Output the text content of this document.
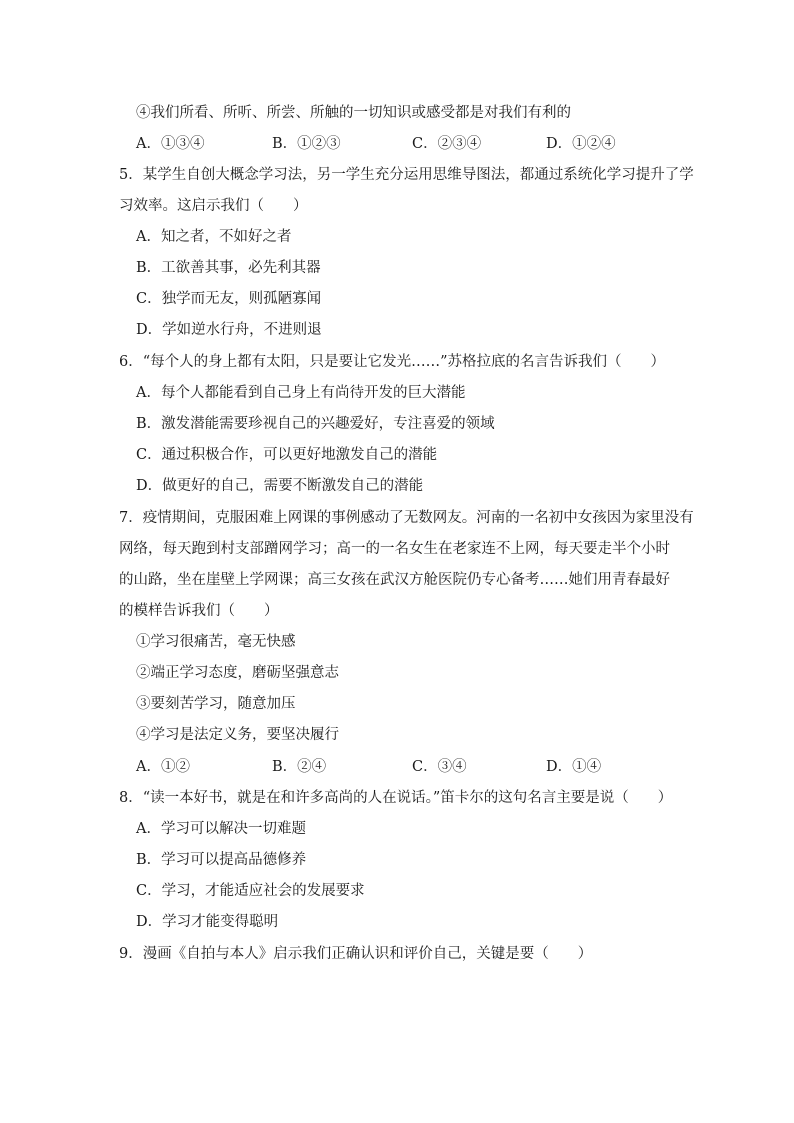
④我们所看、所听、所尝、所触的一切知识或感受都是对我们有利的
A．①③④	B．①②③	C．②③④	D．①②④
5．某学生自创大概念学习法，另一学生充分运用思维导图法，都通过系统化学习提升了学
习效率。这启示我们（　　）
A．知之者，不如好之者
B．工欲善其事，必先利其器
C．独学而无友，则孤陋寡闻
D．学如逆水行舟，不进则退
6．“每个人的身上都有太阳，只是要让它发光……”苏格拉底的名言告诉我们（　　）
A．每个人都能看到自己身上有尚待开发的巨大潜能
B．激发潜能需要珍视自己的兴趣爱好，专注喜爱的领域
C．通过积极合作，可以更好地激发自己的潜能
D．做更好的自己，需要不断激发自己的潜能
7．疫情期间，克服困难上网课的事例感动了无数网友。河南的一名初中女孩因为家里没有
网络，每天跑到村支部蹭网学习；高一的一名女生在老家连不上网，每天要走半个小时
的山路，坐在崖壁上学网课；高三女孩在武汉方舱医院仍专心备考……她们用青春最好
的模样告诉我们（　　）
①学习很痛苦，毫无快感
②端正学习态度，磨砺坚强意志
③要刻苦学习，随意加压
④学习是法定义务，要坚决履行
A．①②	B．②④	C．③④	D．①④
8．“读一本好书，就是在和许多高尚的人在说话。”笛卡尔的这句名言主要是说（　　）
A．学习可以解决一切难题
B．学习可以提高品德修养
C．学习，才能适应社会的发展要求
D．学习才能变得聪明
9．漫画《自拍与本人》启示我们正确认识和评价自己，关键是要（　　）
